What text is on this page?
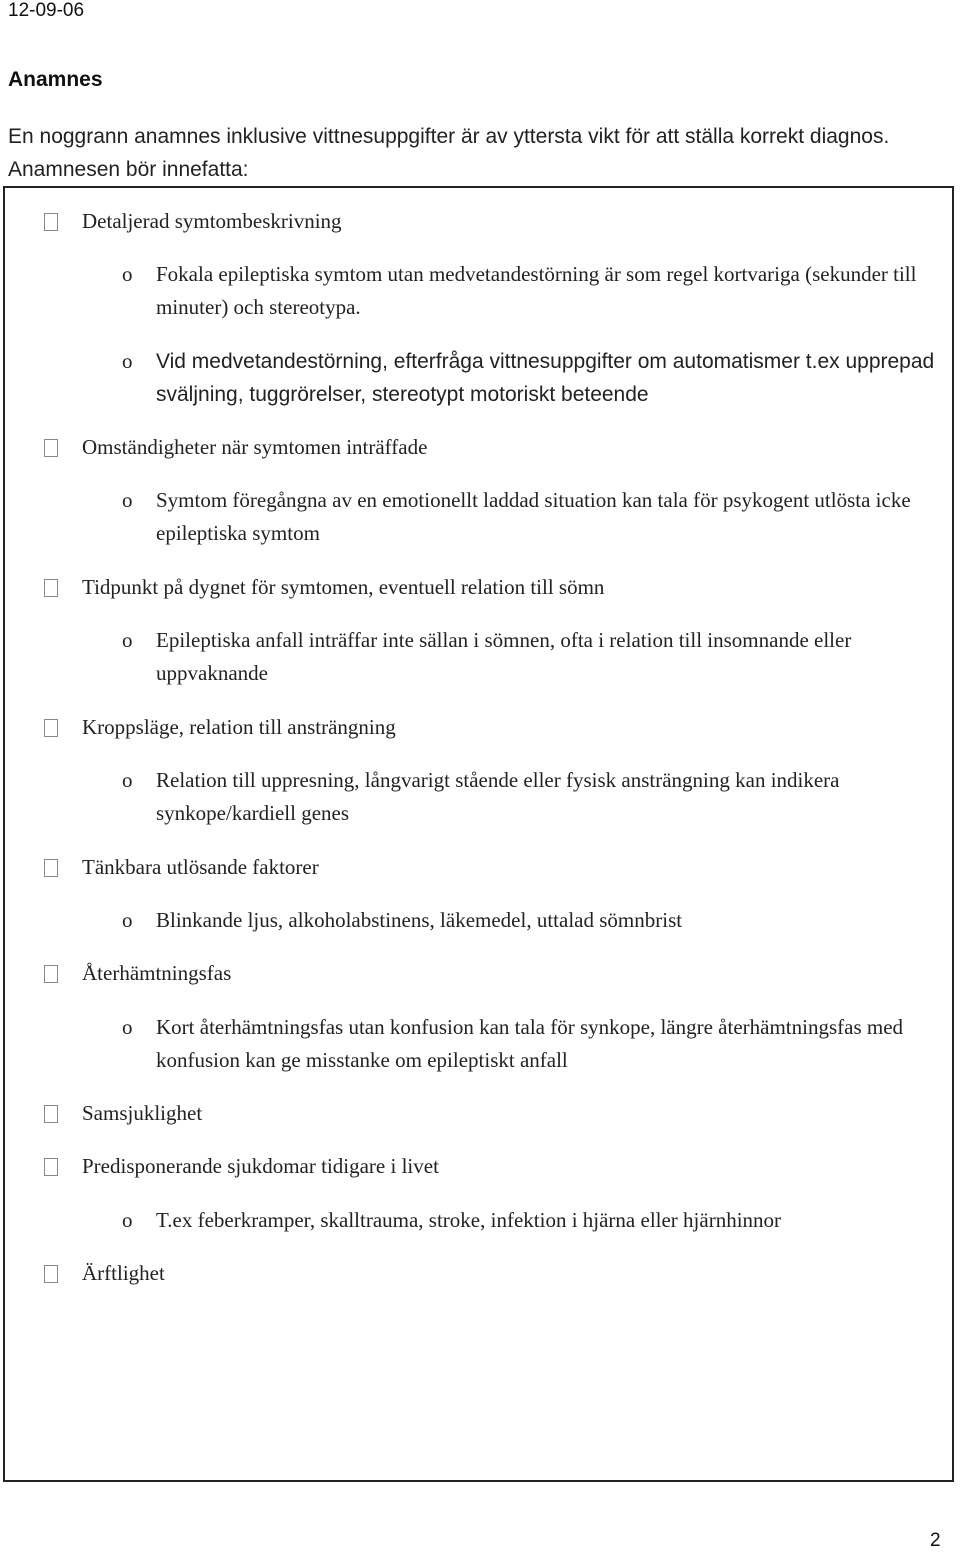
12-09-06
Anamnes
En noggrann anamnes inklusive vittnesuppgifter är av yttersta vikt för att ställa korrekt diagnos. Anamnesen bör innefatta:
Detaljerad symtombeskrivning
o Fokala epileptiska symtom utan medvetandestörning är som regel kortvariga (sekunder till minuter) och stereotypa.
o Vid medvetandestörning, efterfråga vittnesuppgifter om automatismer t.ex upprepad sväljning, tuggrörelser, stereotypt motoriskt beteende
Omständigheter när symtomen inträffade
o Symtom föregångna av en emotionellt laddad situation kan tala för psykogent utlösta icke epileptiska symtom
Tidpunkt på dygnet för symtomen, eventuell relation till sömn
o Epileptiska anfall inträffar inte sällan i sömnen, ofta i relation till insomnande eller uppvaknande
Kroppsläge, relation till ansträngning
o Relation till uppresning, långvarigt stående eller fysisk ansträngning kan indikera synkope/kardiell genes
Tänkbara utlösande faktorer
o Blinkande ljus, alkoholabstinens, läkemedel, uttalad sömnbrist
Återhämtningsfas
o Kort återhämtningsfas utan konfusion kan tala för synkope, längre återhämtningsfas med konfusion kan ge misstanke om epileptiskt anfall
Samsjuklighet
Predisponerande sjukdomar tidigare i livet
o T.ex feberkramper, skalltrauma, stroke, infektion i hjärna eller hjärnhinnor
Ärftlighet
2
